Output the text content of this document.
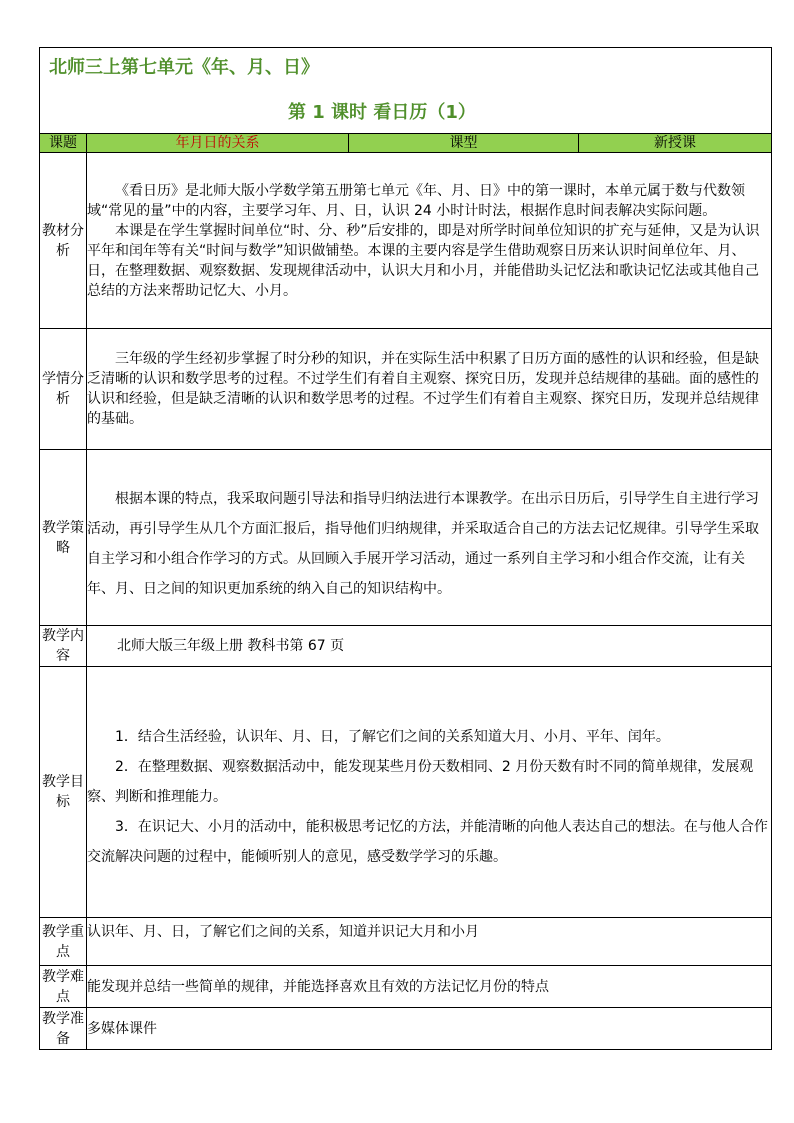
北师三上第七单元《年、月、日》
第 1 课时 看日历（1）			

课题	年月日的关系	课型	新授课
教材分析	《看日历》是北师大版小学数学第五册第七单元《年、月、日》中的第一课时，本单元属于数与代数领域“常见的量”中的内容，主要学习年、月、日，认识 24 小时计时法，根据作息时间表解决实际问题。

本课是在学生掌握时间单位“时、分、秒”后安排的，即是对所学时间单位知识的扩充与延伸，又是为认识平年和闰年等有关“时间与数学”知识做铺垫。本课的主要内容是学生借助观察日历来认识时间单位年、月、日，在整理数据、观察数据、发现规律活动中，认识大月和小月，并能借助头记忆法和歌诀记忆法或其他自己总结的方法来帮助记忆大、小月。		

学情分析	三年级的学生经初步掌握了时分秒的知识，并在实际生活中积累了日历方面的感性的认识和经验，但是缺乏清晰的认识和数学思考的过程。不过学生们有着自主观察、探究日历，发现并总结规律的基础。面的感性的认识和经验，但是缺乏清晰的认识和数学思考的过程。不过学生们有着自主观察、探究日历，发现并总结规律的基础。		

教学策略	根据本课的特点，我采取问题引导法和指导归纳法进行本课教学。在出示日历后，引导学生自主进行学习活动，再引导学生从几个方面汇报后，指导他们归纳规律，并采取适合自己的方法去记忆规律。引导学生采取自主学习和小组合作学习的方式。从回顾入手展开学习活动，通过一系列自主学习和小组合作交流，让有关年、月、日之间的知识更加系统的纳入自己的知识结构中。		

教学内容	北师大版三年级上册 教科书第 67 页		
教学目标	1．结合生活经验，认识年、月、日，了解它们之间的关系知道大月、小月、平年、闰年。

2．在整理数据、观察数据活动中，能发现某些月份天数相同、2 月份天数有时不同的简单规律，发展观察、判断和推理能力。

3．在识记大、小月的活动中，能积极思考记忆的方法，并能清晰的向他人表达自己的想法。在与他人合作交流解决问题的过程中，能倾听别人的意见，感受数学学习的乐趣。		

教学重点	认识年、月、日，了解它们之间的关系，知道并识记大月和小月		
教学难点	能发现并总结一些简单的规律，并能选择喜欢且有效的方法记忆月份的特点		
教学准备	多媒体课件		
